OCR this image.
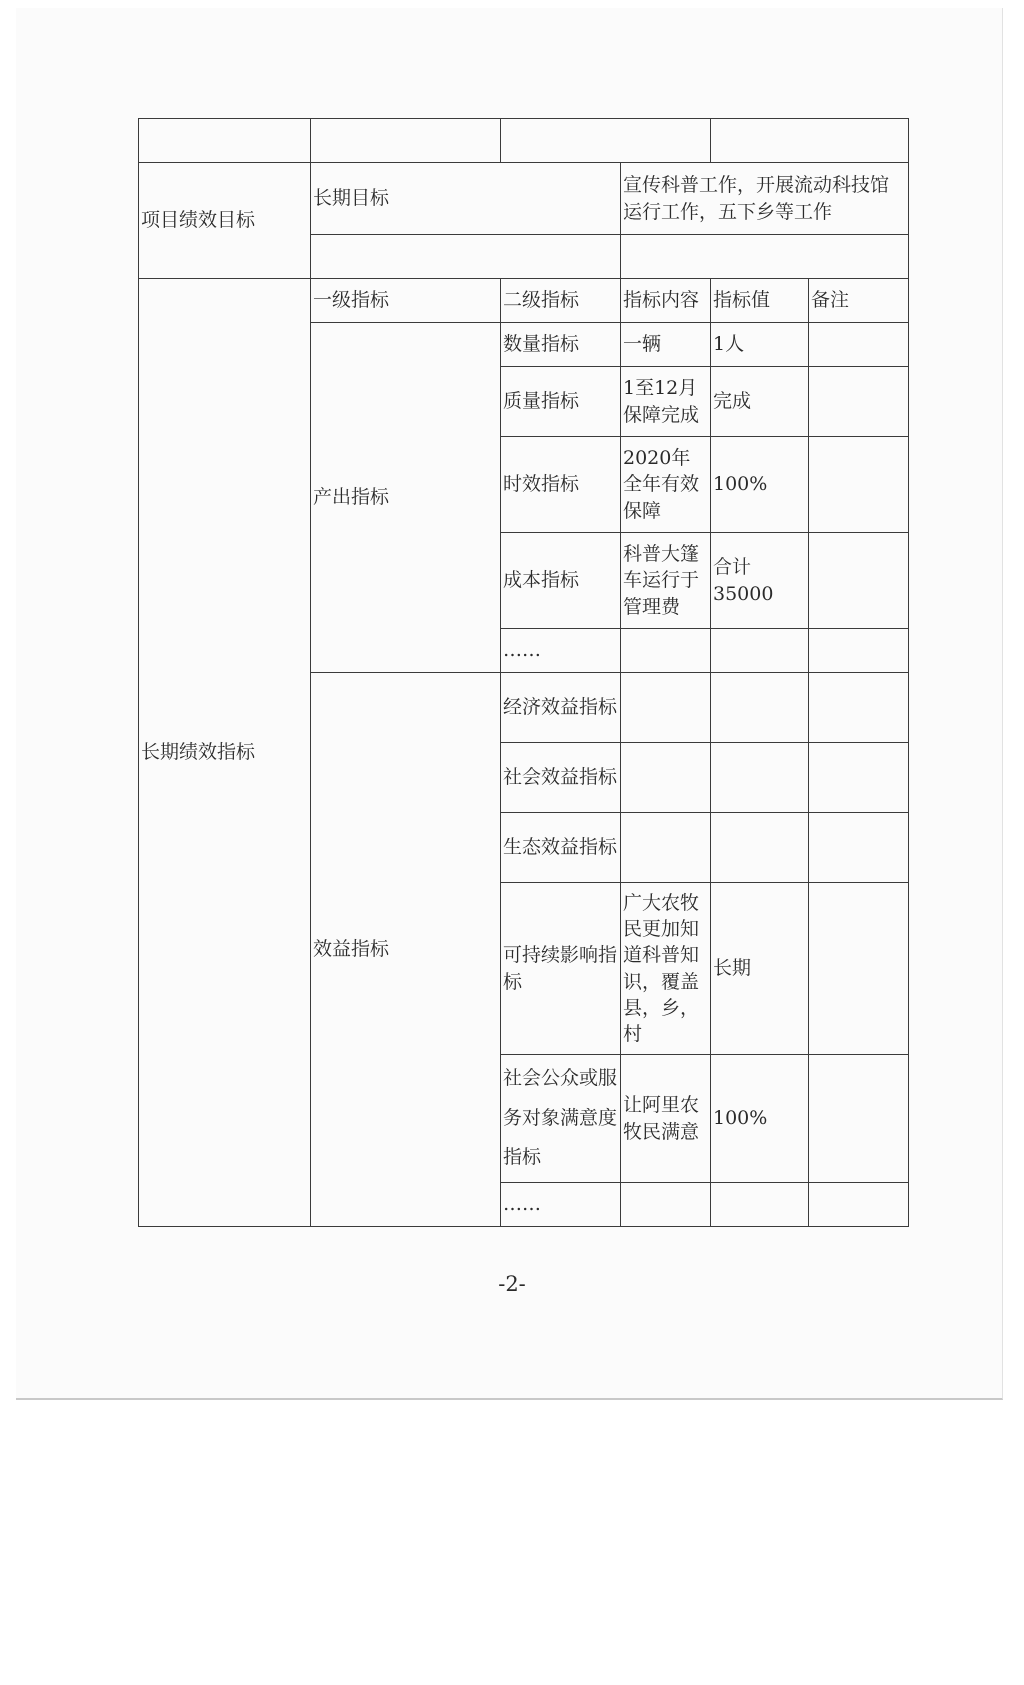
项目绩效目标	长期目标		宣传科普工作，开展流动科技馆运行工作，五下乡等工作		

长期绩效指标	一级指标	二级指标	指标内容	指标值	备注
	产出指标	数量指标	一辆	1人	
		质量指标	1至12月保障完成	完成	
		时效指标	2020年全年有效保障	100%	
		成本指标	科普大篷车运行于管理费	合计35000	
		……			
	效益指标	经济效益指标			
		社会效益指标			
		生态效益指标			
		可持续影响指标	广大农牧民更加知道科普知识，覆盖县，乡，村	长期	
		社会公众或服务对象满意度指标	让阿里农牧民满意	100%	
		……			
-2-
